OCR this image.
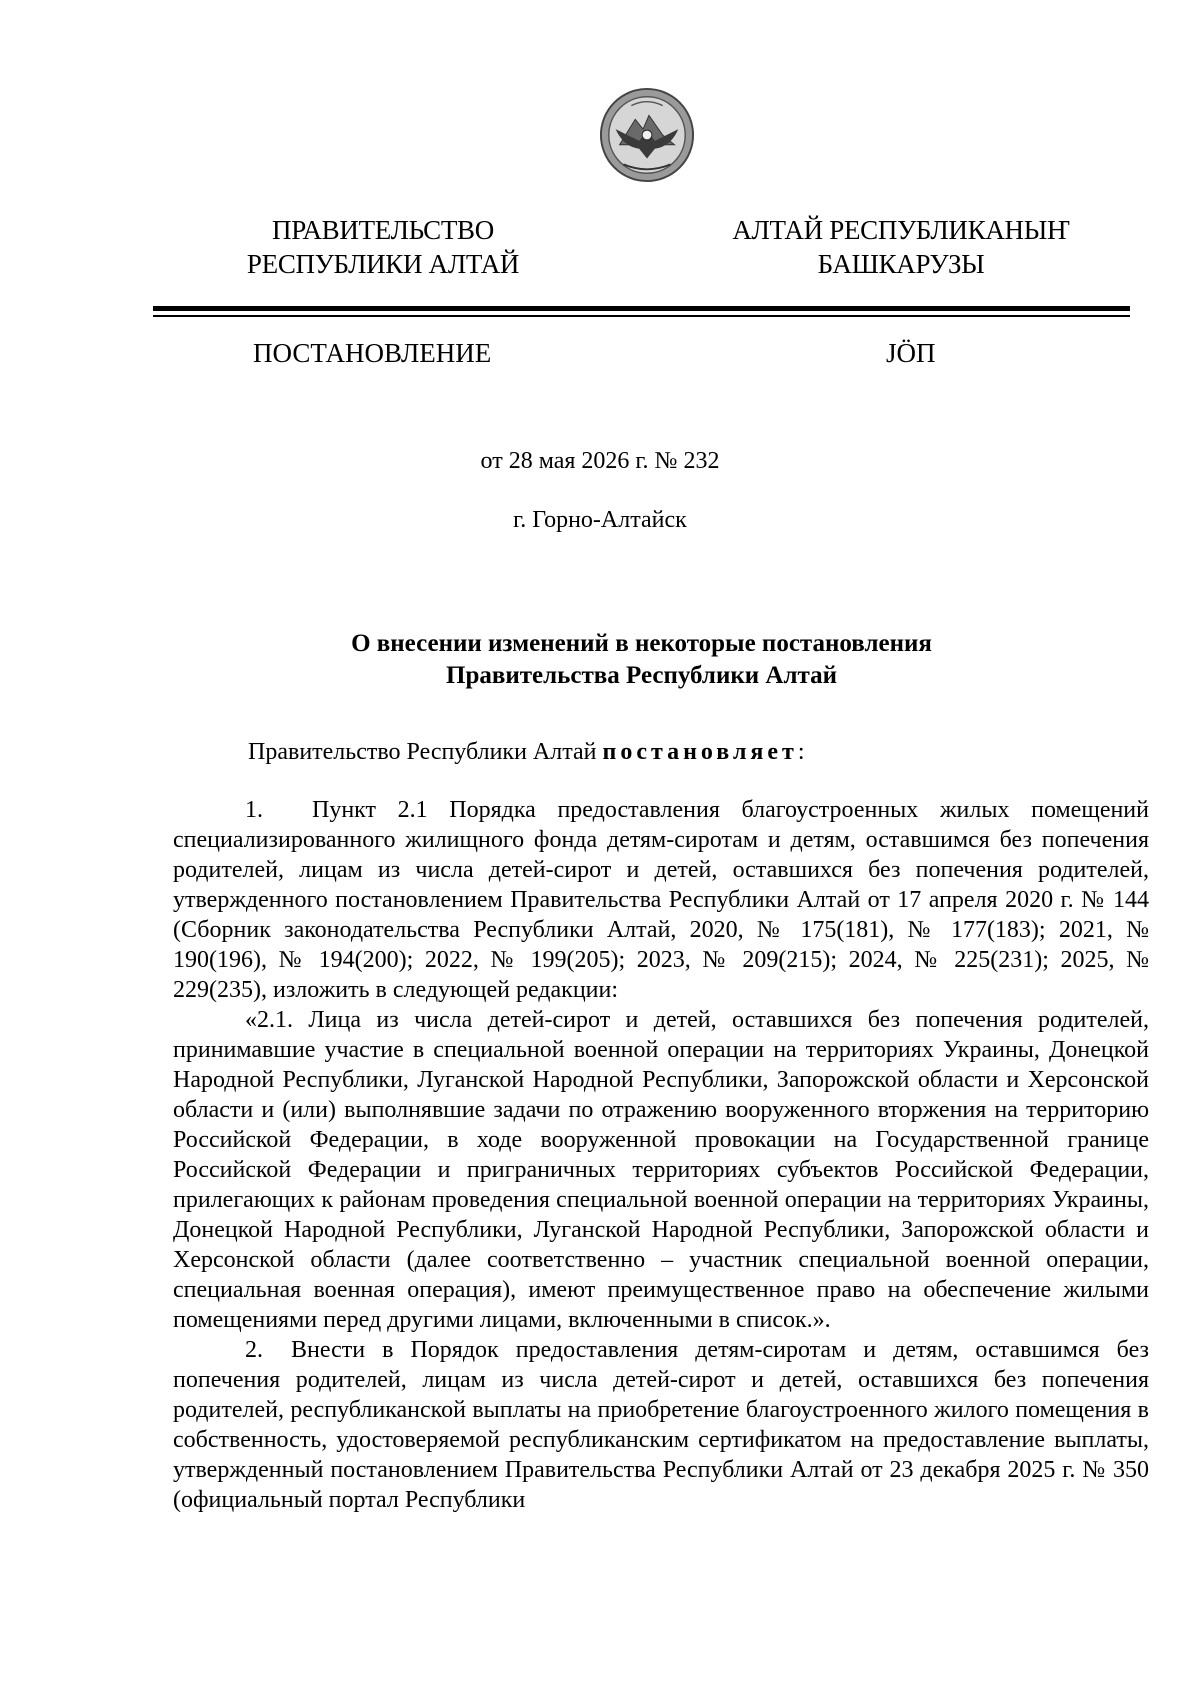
ПРАВИТЕЛЬСТВО
РЕСПУБЛИКИ АЛТАЙ
АЛТАЙ РЕСПУБЛИКАНЫҤ
БАШКАРУЗЫ
ПОСТАНОВЛЕНИЕ	ЈӦП
от 28 мая 2026 г. № 232
г. Горно-Алтайск
О внесении изменений в некоторые постановления
Правительства Республики Алтай
Правительство Республики Алтай постановляет:

1. Пункт 2.1 Порядка предоставления благоустроенных жилых помещений специализированного жилищного фонда детям-сиротам и детям, оставшимся без попечения родителей, лицам из числа детей-сирот и детей, оставшихся без попечения родителей, утвержденного постановлением Правительства Республики Алтай от 17 апреля 2020 г. № 144 (Сборник законодательства Республики Алтай, 2020, № 175(181), № 177(183); 2021, № 190(196), № 194(200); 2022, № 199(205); 2023, № 209(215); 2024, № 225(231); 2025, № 229(235), изложить в следующей редакции:

«2.1. Лица из числа детей-сирот и детей, оставшихся без попечения родителей, принимавшие участие в специальной военной операции на территориях Украины, Донецкой Народной Республики, Луганской Народной Республики, Запорожской области и Херсонской области и (или) выполнявшие задачи по отражению вооруженного вторжения на территорию Российской Федерации, в ходе вооруженной провокации на Государственной границе Российской Федерации и приграничных территориях субъектов Российской Федерации, прилегающих к районам проведения специальной военной операции на территориях Украины, Донецкой Народной Республики, Луганской Народной Республики, Запорожской области и Херсонской области (далее соответственно – участник специальной военной операции, специальная военная операция), имеют преимущественное право на обеспечение жилыми помещениями перед другими лицами, включенными в список.».

2. Внести в Порядок предоставления детям-сиротам и детям, оставшимся без попечения родителей, лицам из числа детей-сирот и детей, оставшихся без попечения родителей, республиканской выплаты на приобретение благоустроенного жилого помещения в собственность, удостоверяемой республиканским сертификатом на предоставление выплаты, утвержденный постановлением Правительства Республики Алтай от 23 декабря 2025 г. № 350 (официальный портал Республики
